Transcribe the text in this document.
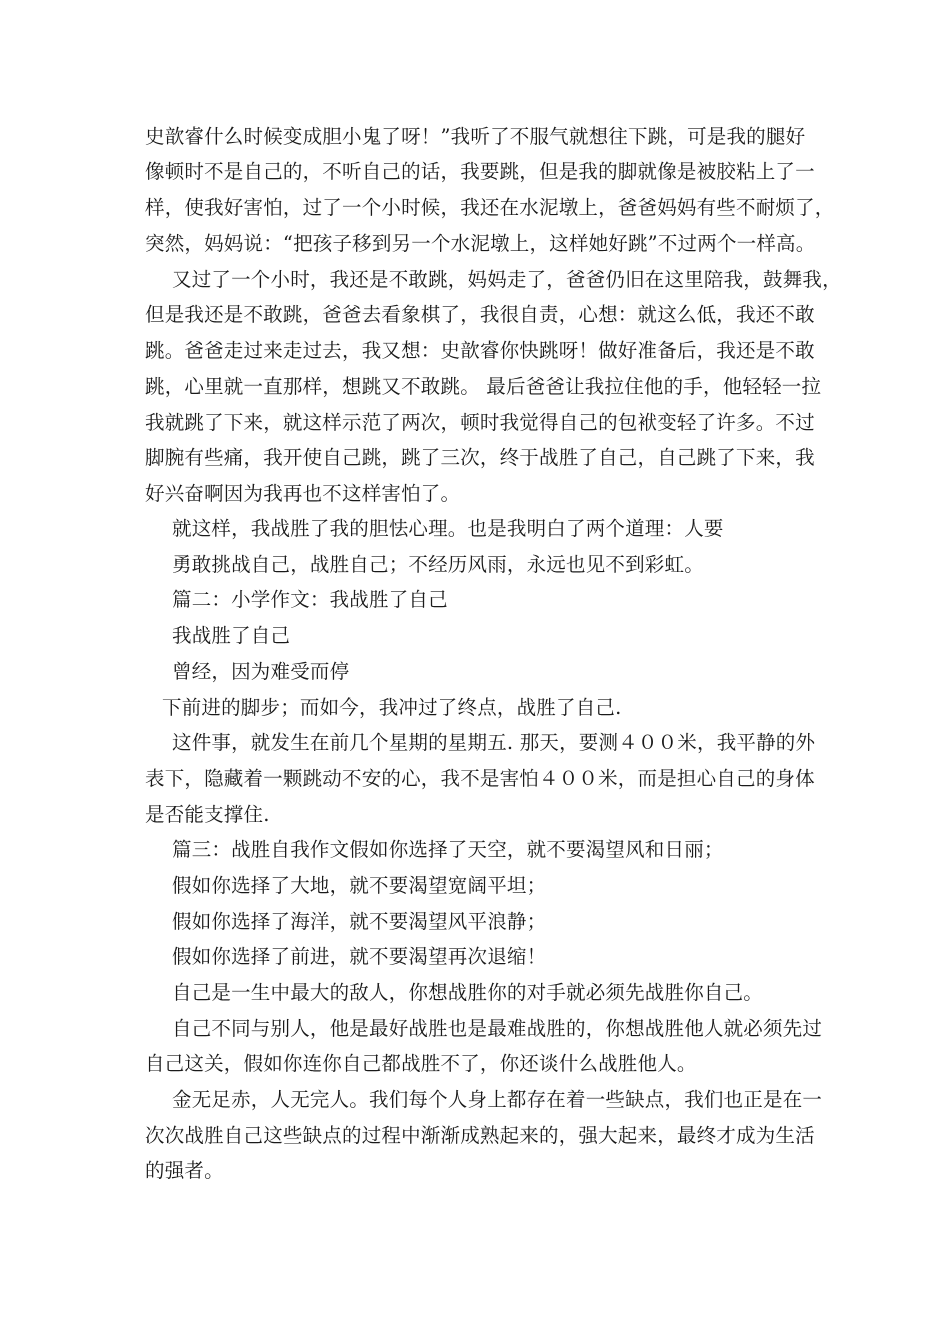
史歆睿什么时候变成胆小鬼了呀！”我听了不服气就想往下跳，可是我的腿好
像顿时不是自己的，不听自己的话，我要跳，但是我的脚就像是被胶粘上了一
样，使我好害怕，过了一个小时候，我还在水泥墩上，爸爸妈妈有些不耐烦了，
突然，妈妈说：“把孩子移到另一个水泥墩上，这样她好跳”不过两个一样高。
又过了一个小时，我还是不敢跳，妈妈走了，爸爸仍旧在这里陪我，鼓舞我，
但是我还是不敢跳，爸爸去看象棋了，我很自责，心想：就这么低，我还不敢
跳。爸爸走过来走过去，我又想：史歆睿你快跳呀！做好准备后，我还是不敢
跳，心里就一直那样，想跳又不敢跳。 最后爸爸让我拉住他的手，他轻轻一拉
我就跳了下来，就这样示范了两次，顿时我觉得自己的包袱变轻了许多。不过
脚腕有些痛，我开使自己跳，跳了三次，终于战胜了自己，自己跳了下来，我
好兴奋啊因为我再也不这样害怕了。
就这样，我战胜了我的胆怯心理。也是我明白了两个道理：人要
勇敢挑战自己，战胜自己；不经历风雨，永远也见不到彩虹。
篇二：小学作文：我战胜了自己
我战胜了自己
曾经，因为难受而停
下前进的脚步；而如今，我冲过了终点，战胜了自己.
这件事，就发生在前几个星期的星期五. 那天，要测４００米，我平静的外
表下，隐藏着一颗跳动不安的心，我不是害怕４００米，而是担心自己的身体
是否能支撑住.
篇三：战胜自我作文假如你选择了天空，就不要渴望风和日丽；
假如你选择了大地，就不要渴望宽阔平坦；
假如你选择了海洋，就不要渴望风平浪静；
假如你选择了前进，就不要渴望再次退缩！
自己是一生中最大的敌人，你想战胜你的对手就必须先战胜你自己。
自己不同与别人，他是最好战胜也是最难战胜的，你想战胜他人就必须先过
自己这关，假如你连你自己都战胜不了，你还谈什么战胜他人。
金无足赤，人无完人。我们每个人身上都存在着一些缺点，我们也正是在一
次次战胜自己这些缺点的过程中渐渐成熟起来的，强大起来，最终才成为生活
的强者。
